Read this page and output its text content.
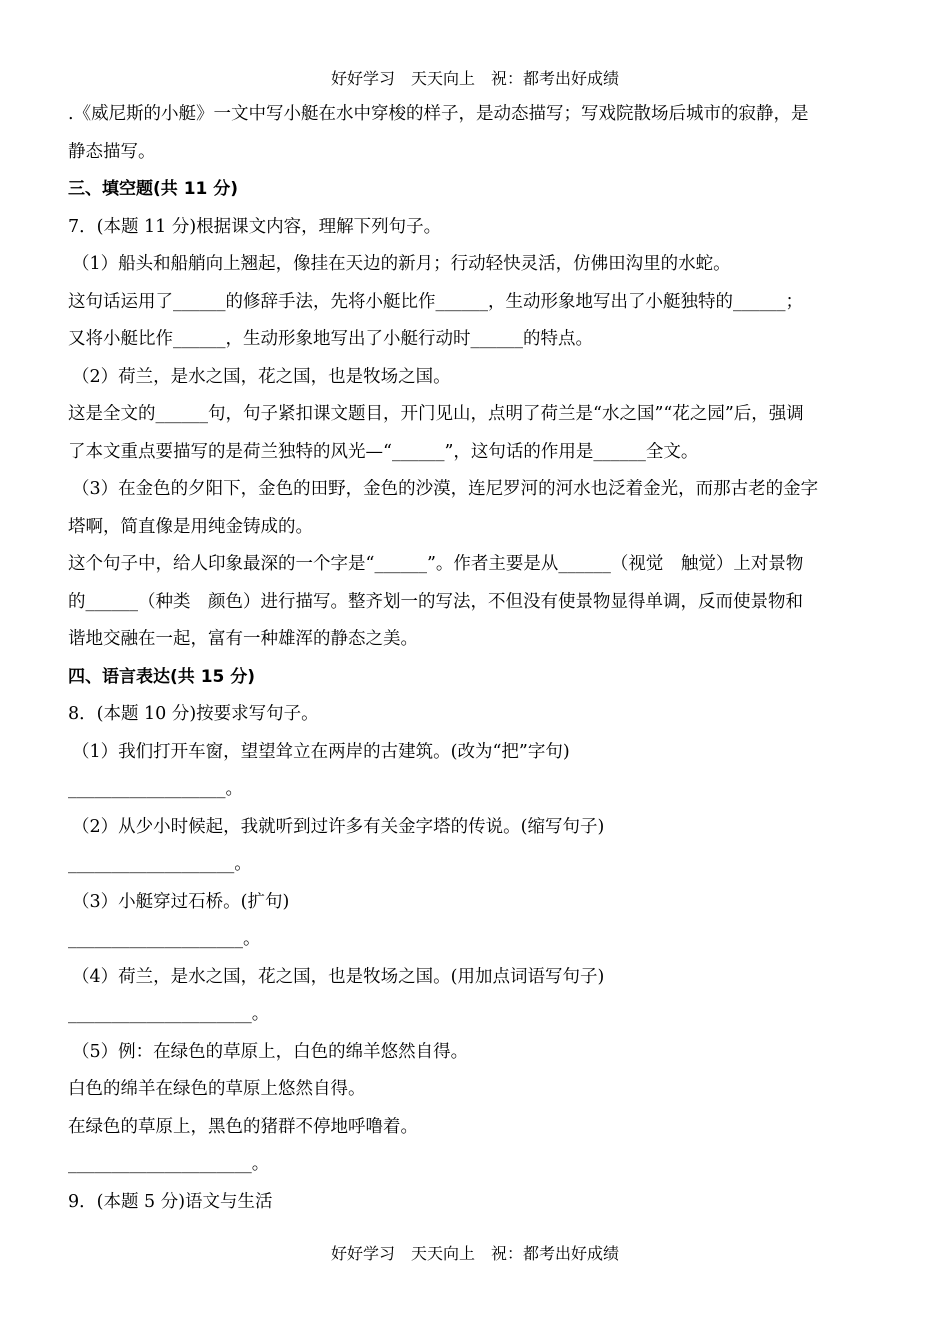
好好学习　天天向上　祝：都考出好成绩
.《威尼斯的小艇》一文中写小艇在水中穿梭的样子，是动态描写；写戏院散场后城市的寂静，是
静态描写。
三、填空题(共 11 分)
7．(本题 11 分)根据课文内容，理解下列句子。
（1）船头和船艄向上翘起，像挂在天边的新月；行动轻快灵活，仿佛田沟里的水蛇。
这句话运用了______的修辞手法，先将小艇比作______，生动形象地写出了小艇独特的______；
又将小艇比作______，生动形象地写出了小艇行动时______的特点。
（2）荷兰，是水之国，花之国，也是牧场之国。
这是全文的______句，句子紧扣课文题目，开门见山，点明了荷兰是“水之国”“花之园”后，强调
了本文重点要描写的是荷兰独特的风光—“______”，这句话的作用是______全文。
（3）在金色的夕阳下，金色的田野，金色的沙漠，连尼罗河的河水也泛着金光，而那古老的金字
塔啊，简直像是用纯金铸成的。
这个句子中，给人印象最深的一个字是“______”。作者主要是从______（视觉　触觉）上对景物
的______（种类　颜色）进行描写。整齐划一的写法，不但没有使景物显得单调，反而使景物和
谐地交融在一起，富有一种雄浑的静态之美。
四、语言表达(共 15 分)
8．(本题 10 分)按要求写句子。
（1）我们打开车窗，望望耸立在两岸的古建筑。(改为“把”字句)
__________________。
（2）从少小时候起，我就听到过许多有关金字塔的传说。(缩写句子)
___________________。
（3）小艇穿过石桥。(扩句)
____________________。
（4）荷兰，是水之国，花之国，也是牧场之国。(用加点词语写句子)
_____________________。
（5）例：在绿色的草原上，白色的绵羊悠然自得。
白色的绵羊在绿色的草原上悠然自得。
在绿色的草原上，黑色的猪群不停地呼噜着。
_____________________。
9．(本题 5 分)语文与生活
好好学习　天天向上　祝：都考出好成绩
